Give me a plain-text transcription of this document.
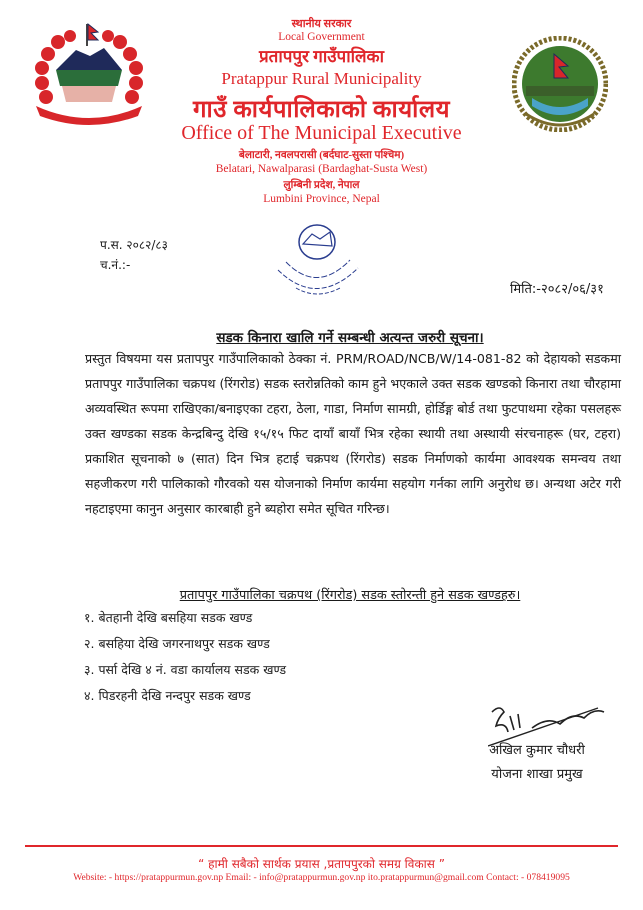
स्थानीय सरकार
Local Government
प्रतापपुर गाउँपालिका
Pratappur Rural Municipality
गाउँ कार्यपालिकाको कार्यालय
Office of The Municipal Executive
बेलाटारी, नवलपरासी (बर्दघाट-सुस्ता पश्चिम)
Belatari, Nawalparasi (Bardaghat-Susta West)
लुम्बिनी प्रदेश, नेपाल
Lumbini Province, Nepal
प.स. २०८२/८३
च.नं.:-
मिति:-२०८२/०६/३१
सडक किनारा खालि गर्ने सम्बन्धी अत्यन्त जरुरी सूचना।
प्रस्तुत विषयमा यस प्रतापपुर गाउँपालिकाको ठेक्का नं. PRM/ROAD/NCB/W/14-081-82 को देहायको सडकमा प्रतापपुर गाउँपालिका चक्रपथ (रिंगरोड) सडक स्तरोन्नतिको काम हुने भएकाले उक्त सडक खण्डको किनारा तथा चौरहामा अव्यवस्थित रूपमा राखिएका/बनाइएका टहरा, ठेला, गाडा, निर्माण सामग्री, होर्डिङ्ग बोर्ड तथा फुटपाथमा रहेका पसलहरू उक्त खण्डका सडक केन्द्रबिन्दु देखि १५/१५ फिट दायाँ बायाँ भित्र रहेका स्थायी तथा अस्थायी संरचनाहरू (घर, टहरा) प्रकाशित सूचनाको ७ (सात) दिन भित्र हटाई चक्रपथ (रिंगरोड) सडक निर्माणको कार्यमा आवश्यक समन्वय तथा सहजीकरण गरी पालिकाको गौरवको यस योजनाको निर्माण कार्यमा सहयोग गर्नका लागि अनुरोध छ। अन्यथा अटेर गरी नहटाइएमा कानुन अनुसार कारबाही हुने ब्यहोरा समेत सूचित गरिन्छ।
प्रतापपुर गाउँपालिका चक्रपथ (रिंगरोड) सडक स्तोरन्ती हुने सडक खण्डहरु।
१. बेतहानी देखि बसहिया सडक खण्ड
२. बसहिया देखि जगरनाथपुर सडक खण्ड
३. पर्सा देखि ४ नं. वडा कार्यालय सडक खण्ड
४. पिडरहनी देखि नन्दपुर सडक खण्ड
अखिल कुमार चौधरी
योजना शाखा प्रमुख
“ हामी सबैको सार्थक प्रयास ,प्रतापपुरको समग्र विकास ”
Website: - https://pratappurmun.gov.np Email: - info@pratappurmun.gov.np ito.pratappurmun@gmail.com Contact: - 078419095
